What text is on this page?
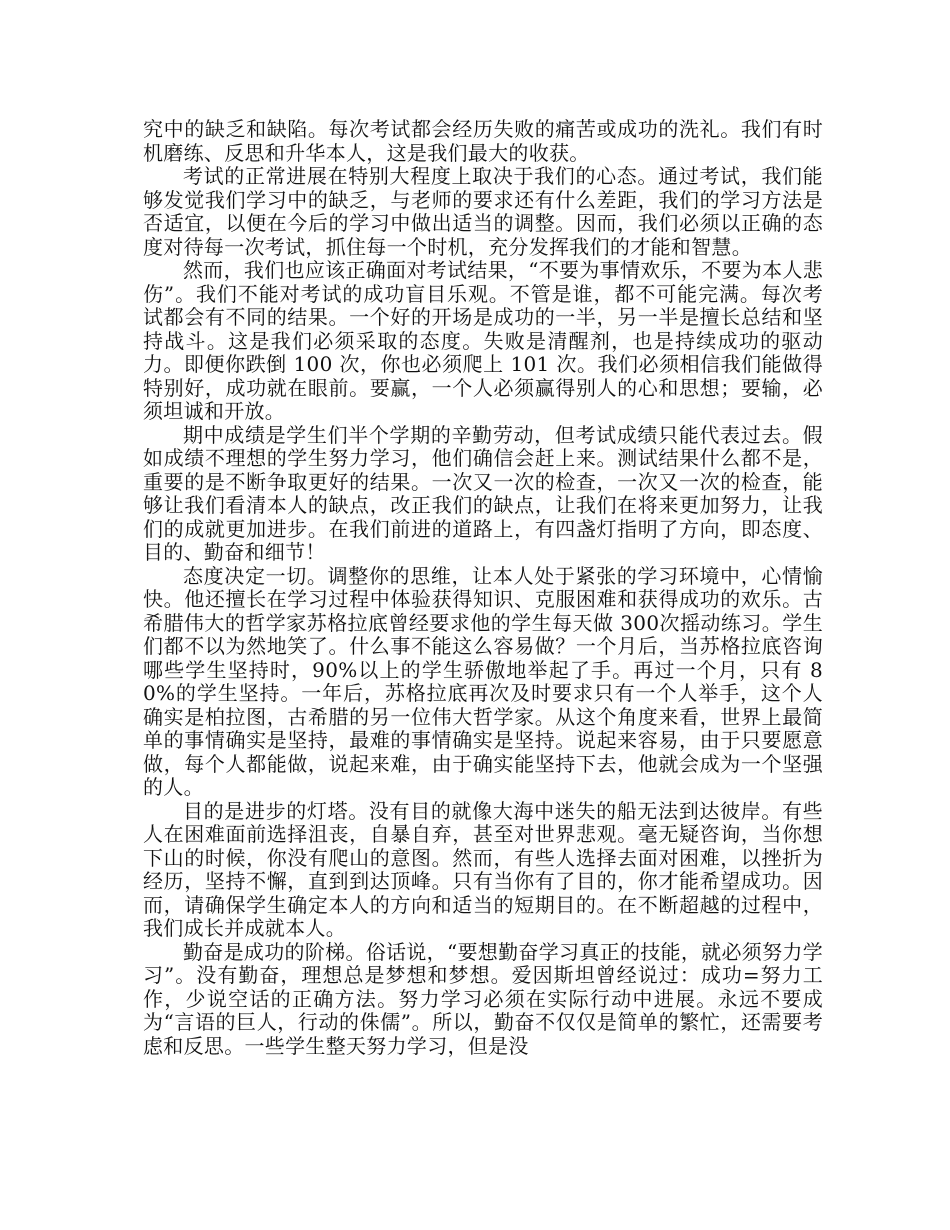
究中的缺乏和缺陷。每次考试都会经历失败的痛苦或成功的洗礼。我们有时机磨练、反思和升华本人，这是我们最大的收获。

考试的正常进展在特别大程度上取决于我们的心态。通过考试，我们能够发觉我们学习中的缺乏，与老师的要求还有什么差距，我们的学习方法是否适宜，以便在今后的学习中做出适当的调整。因而，我们必须以正确的态度对待每一次考试，抓住每一个时机，充分发挥我们的才能和智慧。

然而，我们也应该正确面对考试结果，“不要为事情欢乐，不要为本人悲伤”。我们不能对考试的成功盲目乐观。不管是谁，都不可能完满。每次考试都会有不同的结果。一个好的开场是成功的一半，另一半是擅长总结和坚持战斗。这是我们必须采取的态度。失败是清醒剂，也是持续成功的驱动力。即便你跌倒 100 次，你也必须爬上 101 次。我们必须相信我们能做得特别好，成功就在眼前。要赢，一个人必须赢得别人的心和思想；要输，必须坦诚和开放。

期中成绩是学生们半个学期的辛勤劳动，但考试成绩只能代表过去。假如成绩不理想的学生努力学习，他们确信会赶上来。测试结果什么都不是，重要的是不断争取更好的结果。一次又一次的检查，一次又一次的检查，能够让我们看清本人的缺点，改正我们的缺点，让我们在将来更加努力，让我们的成就更加进步。在我们前进的道路上，有四盏灯指明了方向，即态度、目的、勤奋和细节！

态度决定一切。调整你的思维，让本人处于紧张的学习环境中，心情愉快。他还擅长在学习过程中体验获得知识、克服困难和获得成功的欢乐。古希腊伟大的哲学家苏格拉底曾经要求他的学生每天做 300次摇动练习。学生们都不以为然地笑了。什么事不能这么容易做？一个月后，当苏格拉底咨询哪些学生坚持时，90%以上的学生骄傲地举起了手。再过一个月，只有 80%的学生坚持。一年后，苏格拉底再次及时要求只有一个人举手，这个人确实是柏拉图，古希腊的另一位伟大哲学家。从这个角度来看，世界上最简单的事情确实是坚持，最难的事情确实是坚持。说起来容易，由于只要愿意做，每个人都能做，说起来难，由于确实能坚持下去，他就会成为一个坚强的人。

目的是进步的灯塔。没有目的就像大海中迷失的船无法到达彼岸。有些人在困难面前选择沮丧，自暴自弃，甚至对世界悲观。毫无疑咨询，当你想下山的时候，你没有爬山的意图。然而，有些人选择去面对困难，以挫折为经历，坚持不懈，直到到达顶峰。只有当你有了目的，你才能希望成功。因而，请确保学生确定本人的方向和适当的短期目的。在不断超越的过程中，我们成长并成就本人。

勤奋是成功的阶梯。俗话说，“要想勤奋学习真正的技能，就必须努力学习”。没有勤奋，理想总是梦想和梦想。爱因斯坦曾经说过：成功=努力工作，少说空话的正确方法。努力学习必须在实际行动中进展。永远不要成为“言语的巨人，行动的侏儒”。所以，勤奋不仅仅是简单的繁忙，还需要考虑和反思。一些学生整天努力学习，但是没
